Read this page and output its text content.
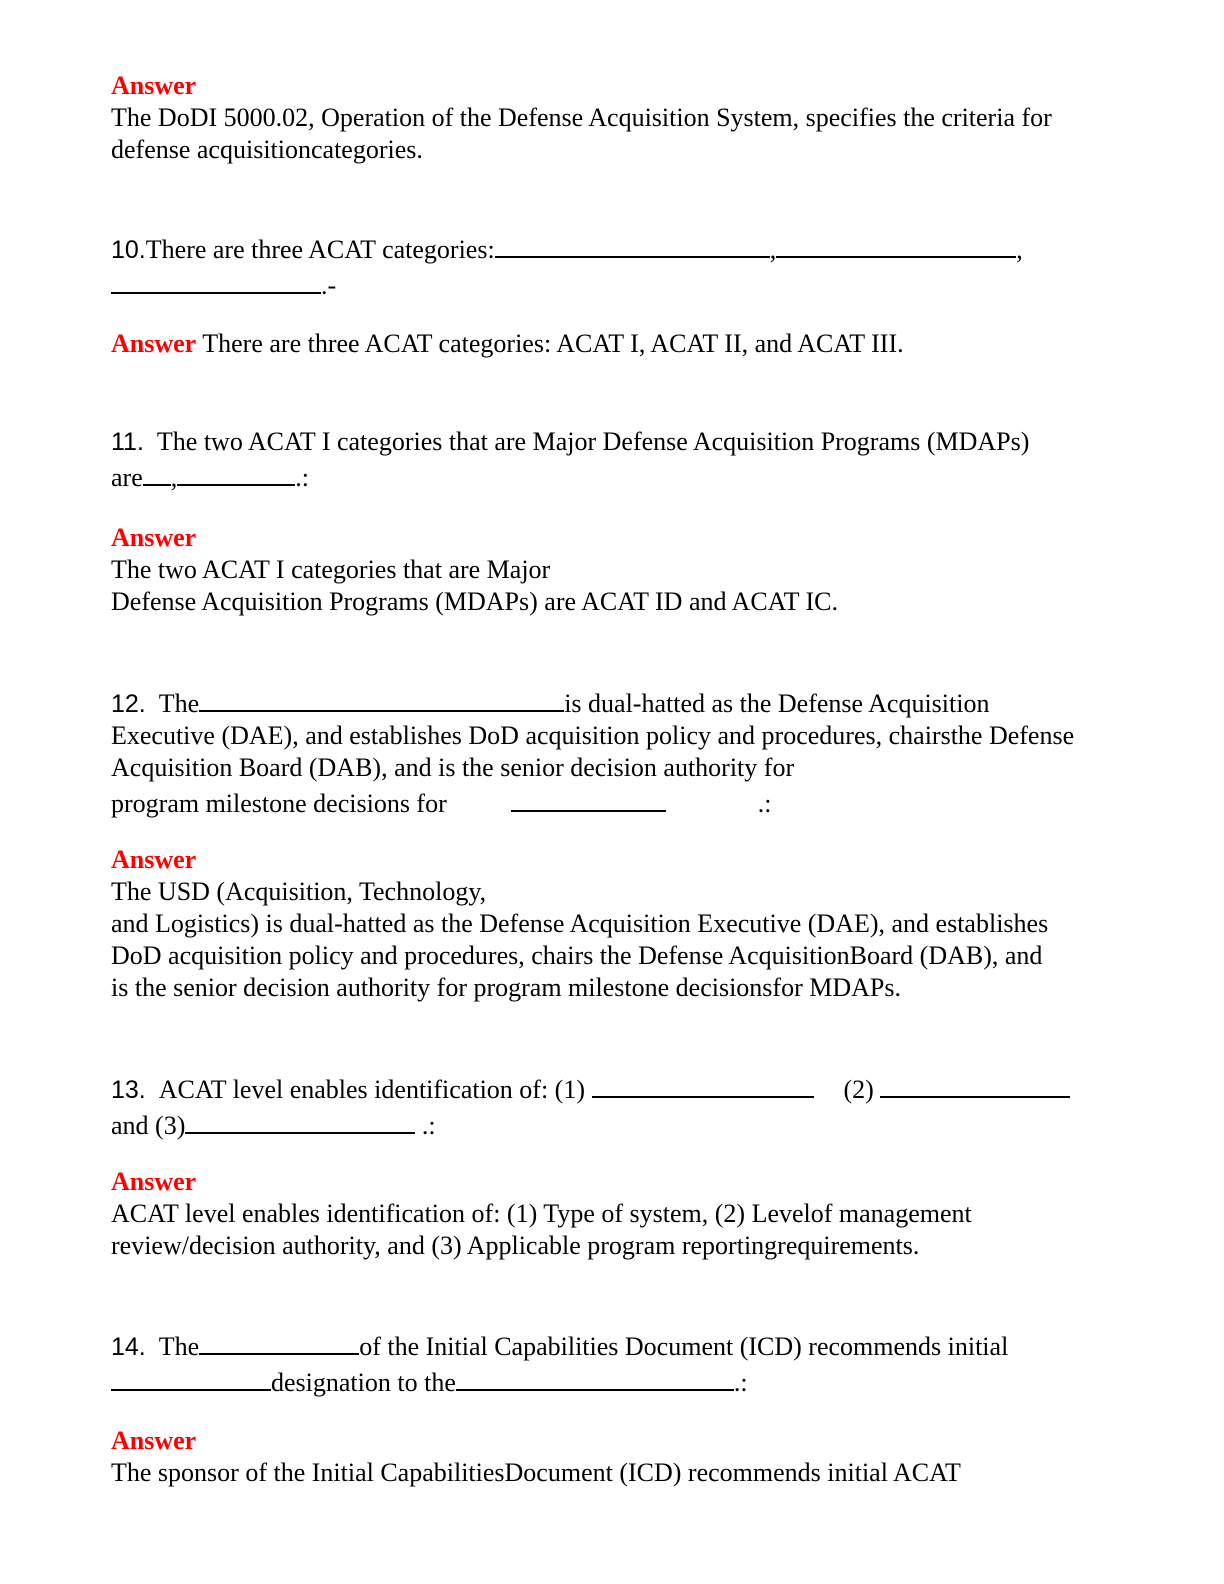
Answer
The DoDI 5000.02, Operation of the Defense Acquisition System, specifies the criteria for
defense acquisitioncategories.
10.There are three ACAT categories:	,	,
.-
Answer There are three ACAT categories: ACAT I, ACAT II, and ACAT III.
11. The two ACAT I categories that are Major Defense Acquisition Programs (MDAPs)
are ,	.:
Answer
The two ACAT I categories that are Major
Defense Acquisition Programs (MDAPs) are ACAT ID and ACAT IC.
12. The	is dual-hatted as the Defense Acquisition
Executive (DAE), and establishes DoD acquisition policy and procedures, chairsthe Defense
Acquisition Board (DAB), and is the senior decision authority for
program milestone decisions for	.:
Answer
The USD (Acquisition, Technology,
and Logistics) is dual-hatted as the Defense Acquisition Executive (DAE), and establishes
DoD acquisition policy and procedures, chairs the Defense AcquisitionBoard (DAB), and
is the senior decision authority for program milestone decisionsfor MDAPs.
13. ACAT level enables identification of: (1)	(2)
and (3)	.:
Answer
ACAT level enables identification of: (1) Type of system, (2) Levelof management
review/decision authority, and (3) Applicable program reportingrequirements.
14. The	of the Initial Capabilities Document (ICD) recommends initial
designation to the	.:
Answer
The sponsor of the Initial CapabilitiesDocument (ICD) recommends initial ACAT
